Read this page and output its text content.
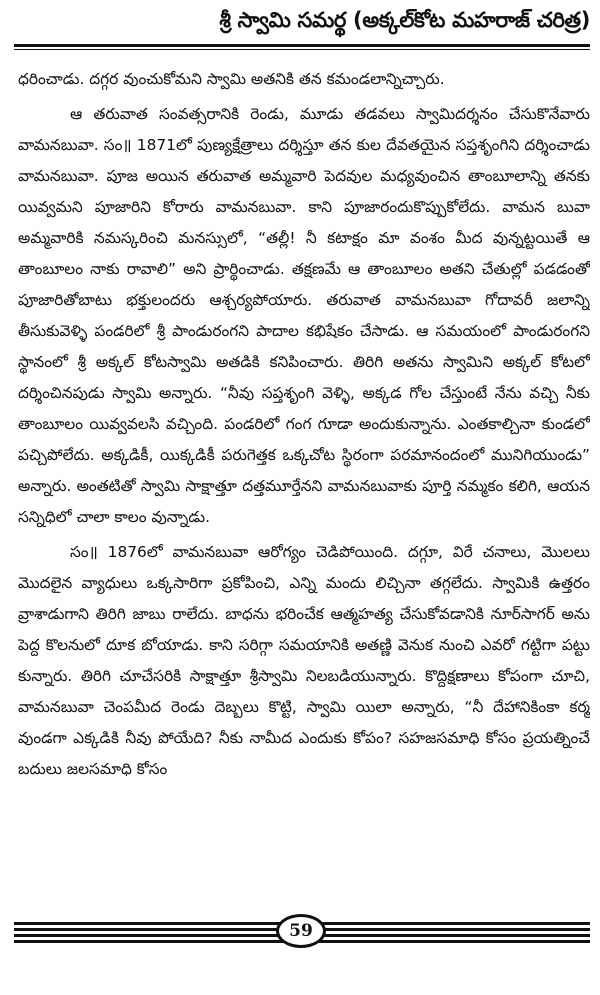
శ్రీ స్వామి సమర్థ (అక్కల్‌కోట మహరాజ్ చరిత్ర)

ధరించాడు. దగ్గర వుంచుకోమని స్వామి అతనికి తన కమండలాన్నిచ్చారు.

ఆ తరువాత సంవత్సరానికి రెండు, మూడు తడవలు స్వామిదర్శనం చేసుకొనేవారు వామనబువా. సం॥ 1871లో పుణ్యక్షేత్రాలు దర్శిస్తూ తన కుల దేవతయైన సప్తశృంగిని దర్శించాడు వామనబువా. పూజ అయిన తరువాత అమ్మవారి పెదవుల మధ్యవుంచిన తాంబూలాన్ని తనకు యివ్వమని పూజారిని కోరారు వామనబువా. కాని పూజారందుకొప్పుకోలేదు. వామన బువా అమ్మవారికి నమస్కరించి మనస్సులో, “తల్లీ! నీ కటాక్షం మా వంశం మీద వున్నట్టయితే ఆ తాంబూలం నాకు రావాలి” అని ప్రార్థించాడు. తక్షణమే ఆ తాంబూలం అతని చేతుల్లో పడడంతో పూజారితోబాటు భక్తులందరు ఆశ్చర్యపోయారు. తరువాత వామనబువా గోదావరీ జలాన్ని తీసుకువెళ్ళి పండరిలో శ్రీ పాండురంగని పాదాల కభిషేకం చేసాడు. ఆ సమయంలో పాండురంగని స్థానంలో శ్రీ అక్కల్ కోటస్వామి అతడికి కనిపించారు. తిరిగి అతను స్వామిని అక్కల్ కోటలో దర్శించినపుడు స్వామి అన్నారు. “నీవు సప్తశృంగి వెళ్ళి, అక్కడ గోల చేస్తుంటే నేను వచ్చి నీకు తాంబూలం యివ్వవలసి వచ్చింది. పండరిలో గంగ గూడా అందుకున్నాను. ఎంతకాల్చినా కుండలో పచ్చిపోలేదు. అక్కడికీ, యిక్కడికీ పరుగెత్తక ఒక్కచోట స్థిరంగా పరమానందంలో మునిగియుండు” అన్నారు. అంతటితో స్వామి సాక్షాత్తూ దత్తమూర్తేనని వామనబువాకు పూర్తి నమ్మకం కలిగి, ఆయన సన్నిధిలో చాలా కాలం వున్నాడు.

సం॥ 1876లో వామనబువా ఆరోగ్యం చెడిపోయింది. దగ్గూ, విరే చనాలు, మొలలు మొదలైన వ్యాధులు ఒక్కసారిగా ప్రకోపించి, ఎన్ని మందు లిచ్చినా తగ్గలేదు. స్వామికి ఉత్తరం వ్రాశాడుగాని తిరిగి జాబు రాలేదు. బాధను భరించేక ఆత్మహత్య చేసుకోవడానికి నూర్‌సాగర్ అను పెద్ద కొలనులో దూక బోయాడు. కాని సరిగ్గా సమయానికి అతణ్ణి వెనుక నుంచి ఎవరో గట్టిగా పట్టు కున్నారు. తిరిగి చూచేసరికి సాక్షాత్తూ శ్రీస్వామి నిలబడియున్నారు. కొద్దిక్షణాలు కోపంగా చూచి, వామనబువా చెంపమీద రెండు దెబ్బలు కొట్టి, స్వామి యిలా అన్నారు, “నీ దేహానికింకా కర్మ వుండగా ఎక్కడికి నీవు పోయేది? నీకు నామీద ఎందుకు కోపం? సహజసమాధి కోసం ప్రయత్నించే బదులు జలసమాధి కోసం

59
